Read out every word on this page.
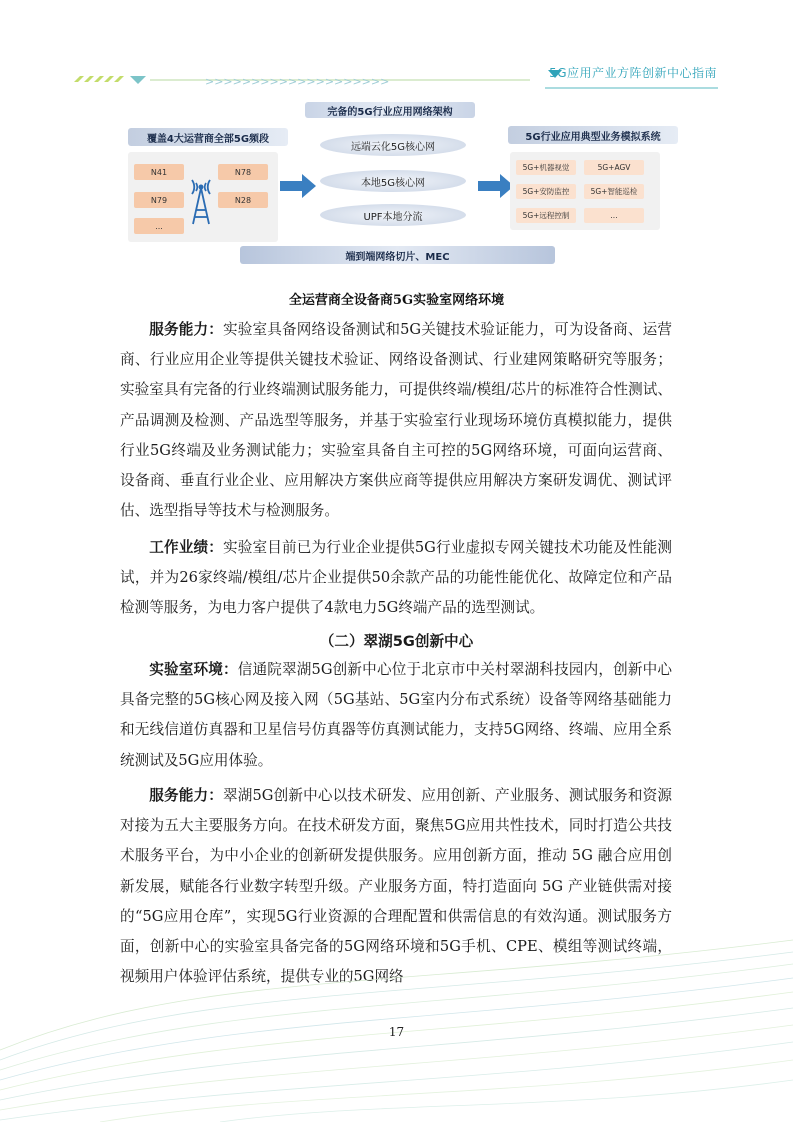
>>>>>>>>>>>>>>>>>>>>
5G应用产业方阵创新中心指南
完备的5G行业应用网络架构
覆盖4大运营商全部5G频段	5G行业应用典型业务模拟系统
N41	N78
N79	N28
...
远端云化5G核心网
本地5G核心网
UPF本地分流
5G+机器视觉	5G+AGV
5G+安防监控	5G+智能巡检
5G+远程控制	...
端到端网络切片、MEC
全运营商全设备商5G实验室网络环境

服务能力：实验室具备网络设备测试和5G关键技术验证能力，可为设备商、运营商、行业应用企业等提供关键技术验证、网络设备测试、行业建网策略研究等服务；实验室具有完备的行业终端测试服务能力，可提供终端/模组/芯片的标准符合性测试、产品调测及检测、产品选型等服务，并基于实验室行业现场环境仿真模拟能力，提供行业5G终端及业务测试能力；实验室具备自主可控的5G网络环境，可面向运营商、设备商、垂直行业企业、应用解决方案供应商等提供应用解决方案研发调优、测试评估、选型指导等技术与检测服务。

工作业绩：实验室目前已为行业企业提供5G行业虚拟专网关键技术功能及性能测试，并为26家终端/模组/芯片企业提供50余款产品的功能性能优化、故障定位和产品检测等服务，为电力客户提供了4款电力5G终端产品的选型测试。

（二）翠湖5G创新中心

实验室环境：信通院翠湖5G创新中心位于北京市中关村翠湖科技园内，创新中心具备完整的5G核心网及接入网（5G基站、5G室内分布式系统）设备等网络基础能力和无线信道仿真器和卫星信号仿真器等仿真测试能力，支持5G网络、终端、应用全系统测试及5G应用体验。

服务能力：翠湖5G创新中心以技术研发、应用创新、产业服务、测试服务和资源对接为五大主要服务方向。在技术研发方面，聚焦5G应用共性技术，同时打造公共技术服务平台，为中小企业的创新研发提供服务。应用创新方面，推动 5G 融合应用创新发展，赋能各行业数字转型升级。产业服务方面，特打造面向 5G 产业链供需对接的“5G应用仓库”，实现5G行业资源的合理配置和供需信息的有效沟通。测试服务方面，创新中心的实验室具备完备的5G网络环境和5G手机、CPE、模组等测试终端，视频用户体验评估系统，提供专业的5G网络

17
